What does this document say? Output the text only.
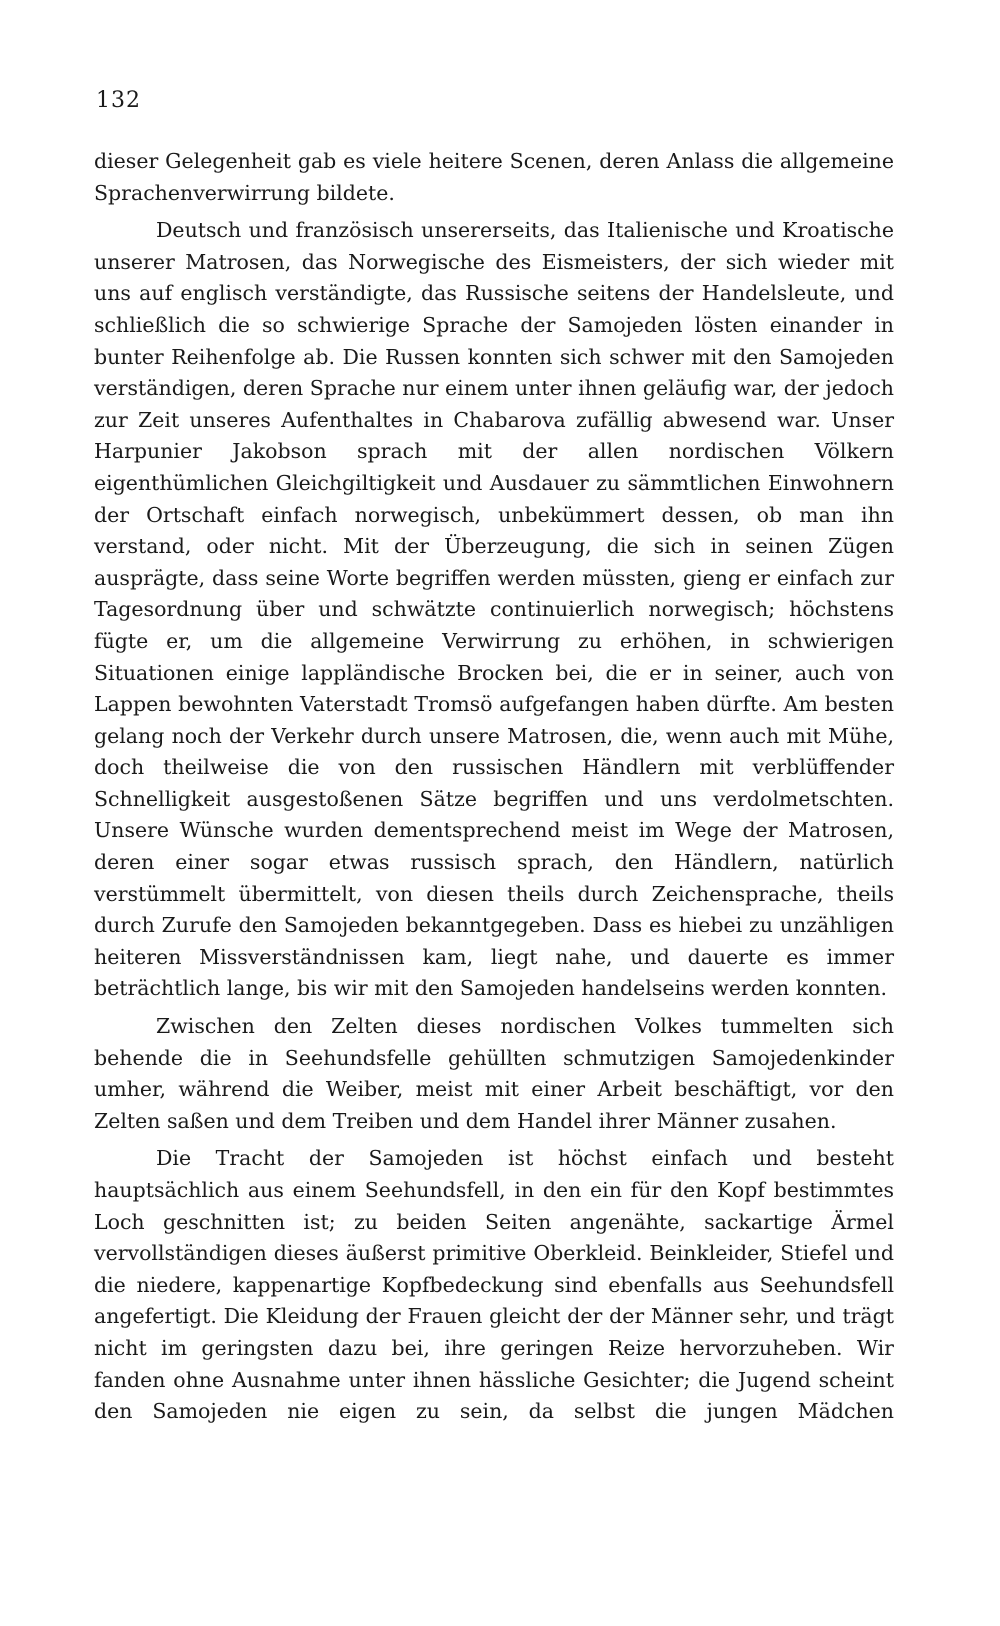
132

dieser Gelegenheit gab es viele heitere Scenen, deren Anlass die allgemeine Sprachenverwirrung bildete.

Deutsch und französisch unsererseits, das Italienische und Kroatische unserer Matrosen, das Norwegische des Eismeisters, der sich wieder mit uns auf englisch verständigte, das Russische seitens der Handelsleute, und schließlich die so schwierige Sprache der Samojeden lösten einander in bunter Reihenfolge ab. Die Russen konnten sich schwer mit den Samojeden verständigen, deren Sprache nur einem unter ihnen geläufig war, der jedoch zur Zeit unseres Aufenthaltes in Chabarova zufällig abwesend war. Unser Harpunier Jakobson sprach mit der allen nordischen Völkern eigenthümlichen Gleichgiltigkeit und Ausdauer zu sämmtlichen Einwohnern der Ortschaft einfach norwegisch, unbekümmert dessen, ob man ihn verstand, oder nicht. Mit der Überzeugung, die sich in seinen Zügen ausprägte, dass seine Worte begriffen werden müssten, gieng er einfach zur Tagesordnung über und schwätzte continuierlich norwegisch; höchstens fügte er, um die allgemeine Verwirrung zu erhöhen, in schwierigen Situationen einige lappländische Brocken bei, die er in seiner, auch von Lappen bewohnten Vaterstadt Tromsö aufgefangen haben dürfte. Am besten gelang noch der Verkehr durch unsere Matrosen, die, wenn auch mit Mühe, doch theilweise die von den russischen Händlern mit verblüffender Schnelligkeit ausgestoßenen Sätze begriffen und uns verdolmetschten. Unsere Wünsche wurden dementsprechend meist im Wege der Matrosen, deren einer sogar etwas russisch sprach, den Händlern, natürlich verstümmelt übermittelt, von diesen theils durch Zeichensprache, theils durch Zurufe den Samojeden bekanntgegeben. Dass es hiebei zu unzähligen heiteren Missverständnissen kam, liegt nahe, und dauerte es immer beträchtlich lange, bis wir mit den Samojeden handelseins werden konnten.

Zwischen den Zelten dieses nordischen Volkes tummelten sich behende die in Seehundsfelle gehüllten schmutzigen Samojedenkinder umher, während die Weiber, meist mit einer Arbeit beschäftigt, vor den Zelten saßen und dem Treiben und dem Handel ihrer Männer zusahen.

Die Tracht der Samojeden ist höchst einfach und besteht hauptsächlich aus einem Seehundsfell, in den ein für den Kopf bestimmtes Loch geschnitten ist; zu beiden Seiten angenähte, sackartige Ärmel vervollständigen dieses äußerst primitive Oberkleid. Beinkleider, Stiefel und die niedere, kappenartige Kopfbedeckung sind ebenfalls aus Seehundsfell angefertigt. Die Kleidung der Frauen gleicht der der Männer sehr, und trägt nicht im geringsten dazu bei, ihre geringen Reize hervorzuheben. Wir fanden ohne Ausnahme unter ihnen hässliche Gesichter; die Jugend scheint den Samojeden nie eigen zu sein, da selbst die jungen Mädchen
